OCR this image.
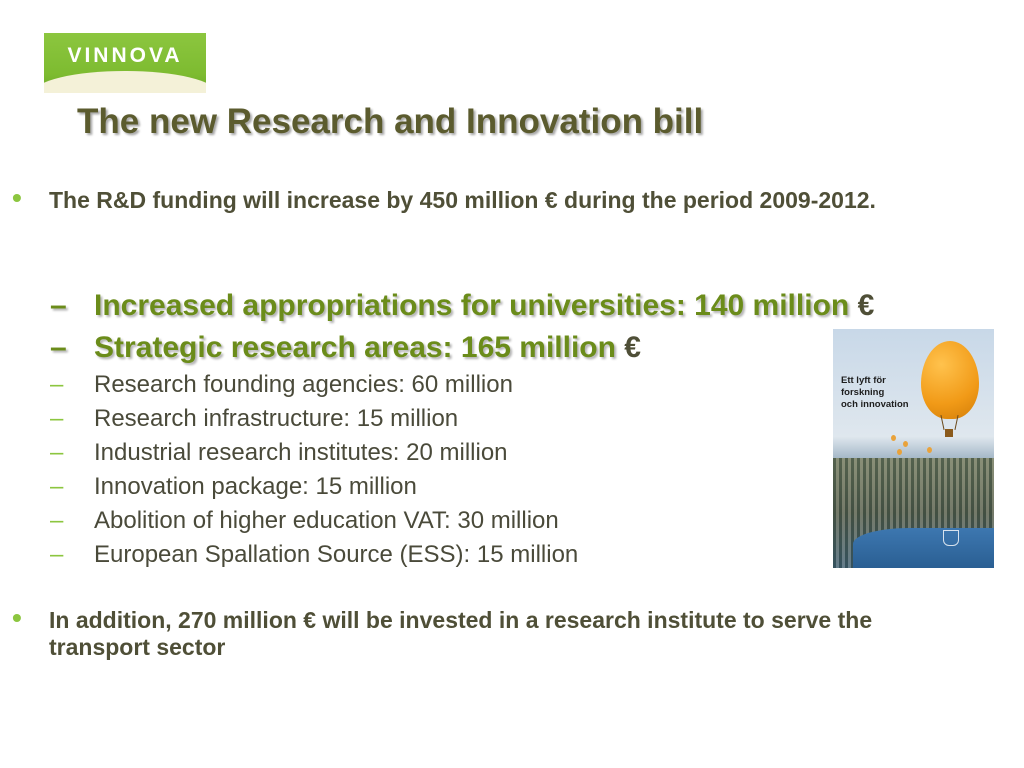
VINNOVA
The new Research and Innovation bill
• The R&D funding will increase by 450 million € during the period 2009-2012.
– Increased appropriations for universities: 140 million €
– Strategic research areas: 165 million €
– Research founding agencies: 60 million
– Research infrastructure: 15 million
– Industrial research institutes: 20 million
– Innovation package: 15 million
– Abolition of higher education VAT: 30 million
– European Spallation Source (ESS): 15 million
Ett lyft för
forskning
och innovation
• In addition, 270 million € will be invested in a research institute to serve the transport sector
